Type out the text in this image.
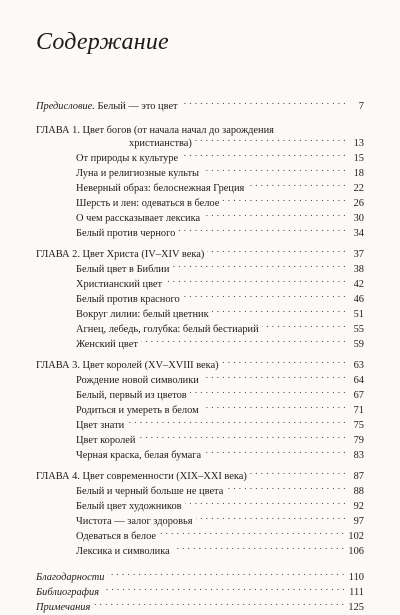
Содержание
Предисловие. Белый — это цвет . . .	7
ГЛАВА 1. Цвет богов (от начала начал до зарождения
христианства) . . .	13
От природы к культуре . . .	15
Луна и религиозные культы . . .	18
Неверный образ: белоснежная Греция . . .	22
Шерсть и лен: одеваться в белое . . .	26
О чем рассказывает лексика . . .	30
Белый против черного . . .	34
ГЛАВА 2. Цвет Христа (IV–XIV века) . . .	37
Белый цвет в Библии . . .	38
Христианский цвет . . .	42
Белый против красного . . .	46
Вокруг лилии: белый цветник . . .	51
Агнец, лебедь, голубка: белый бестиарий . . .	55
Женский цвет . . .	59
ГЛАВА 3. Цвет королей (XV–XVIII века) . . .	63
Рождение новой символики . . .	64
Белый, первый из цветов . . .	67
Родиться и умереть в белом . . .	71
Цвет знати . . .	75
Цвет королей . . .	79
Черная краска, белая бумага . . .	83
ГЛАВА 4. Цвет современности (XIX–XXI века) . . .	87
Белый и черный больше не цвета . . .	88
Белый цвет художников . . .	92
Чистота — залог здоровья . . .	97
Одеваться в белое . . .	102
Лексика и символика . . .	106
Благодарности . . .	110
Библиография . . .	111
Примечания . . .	125
